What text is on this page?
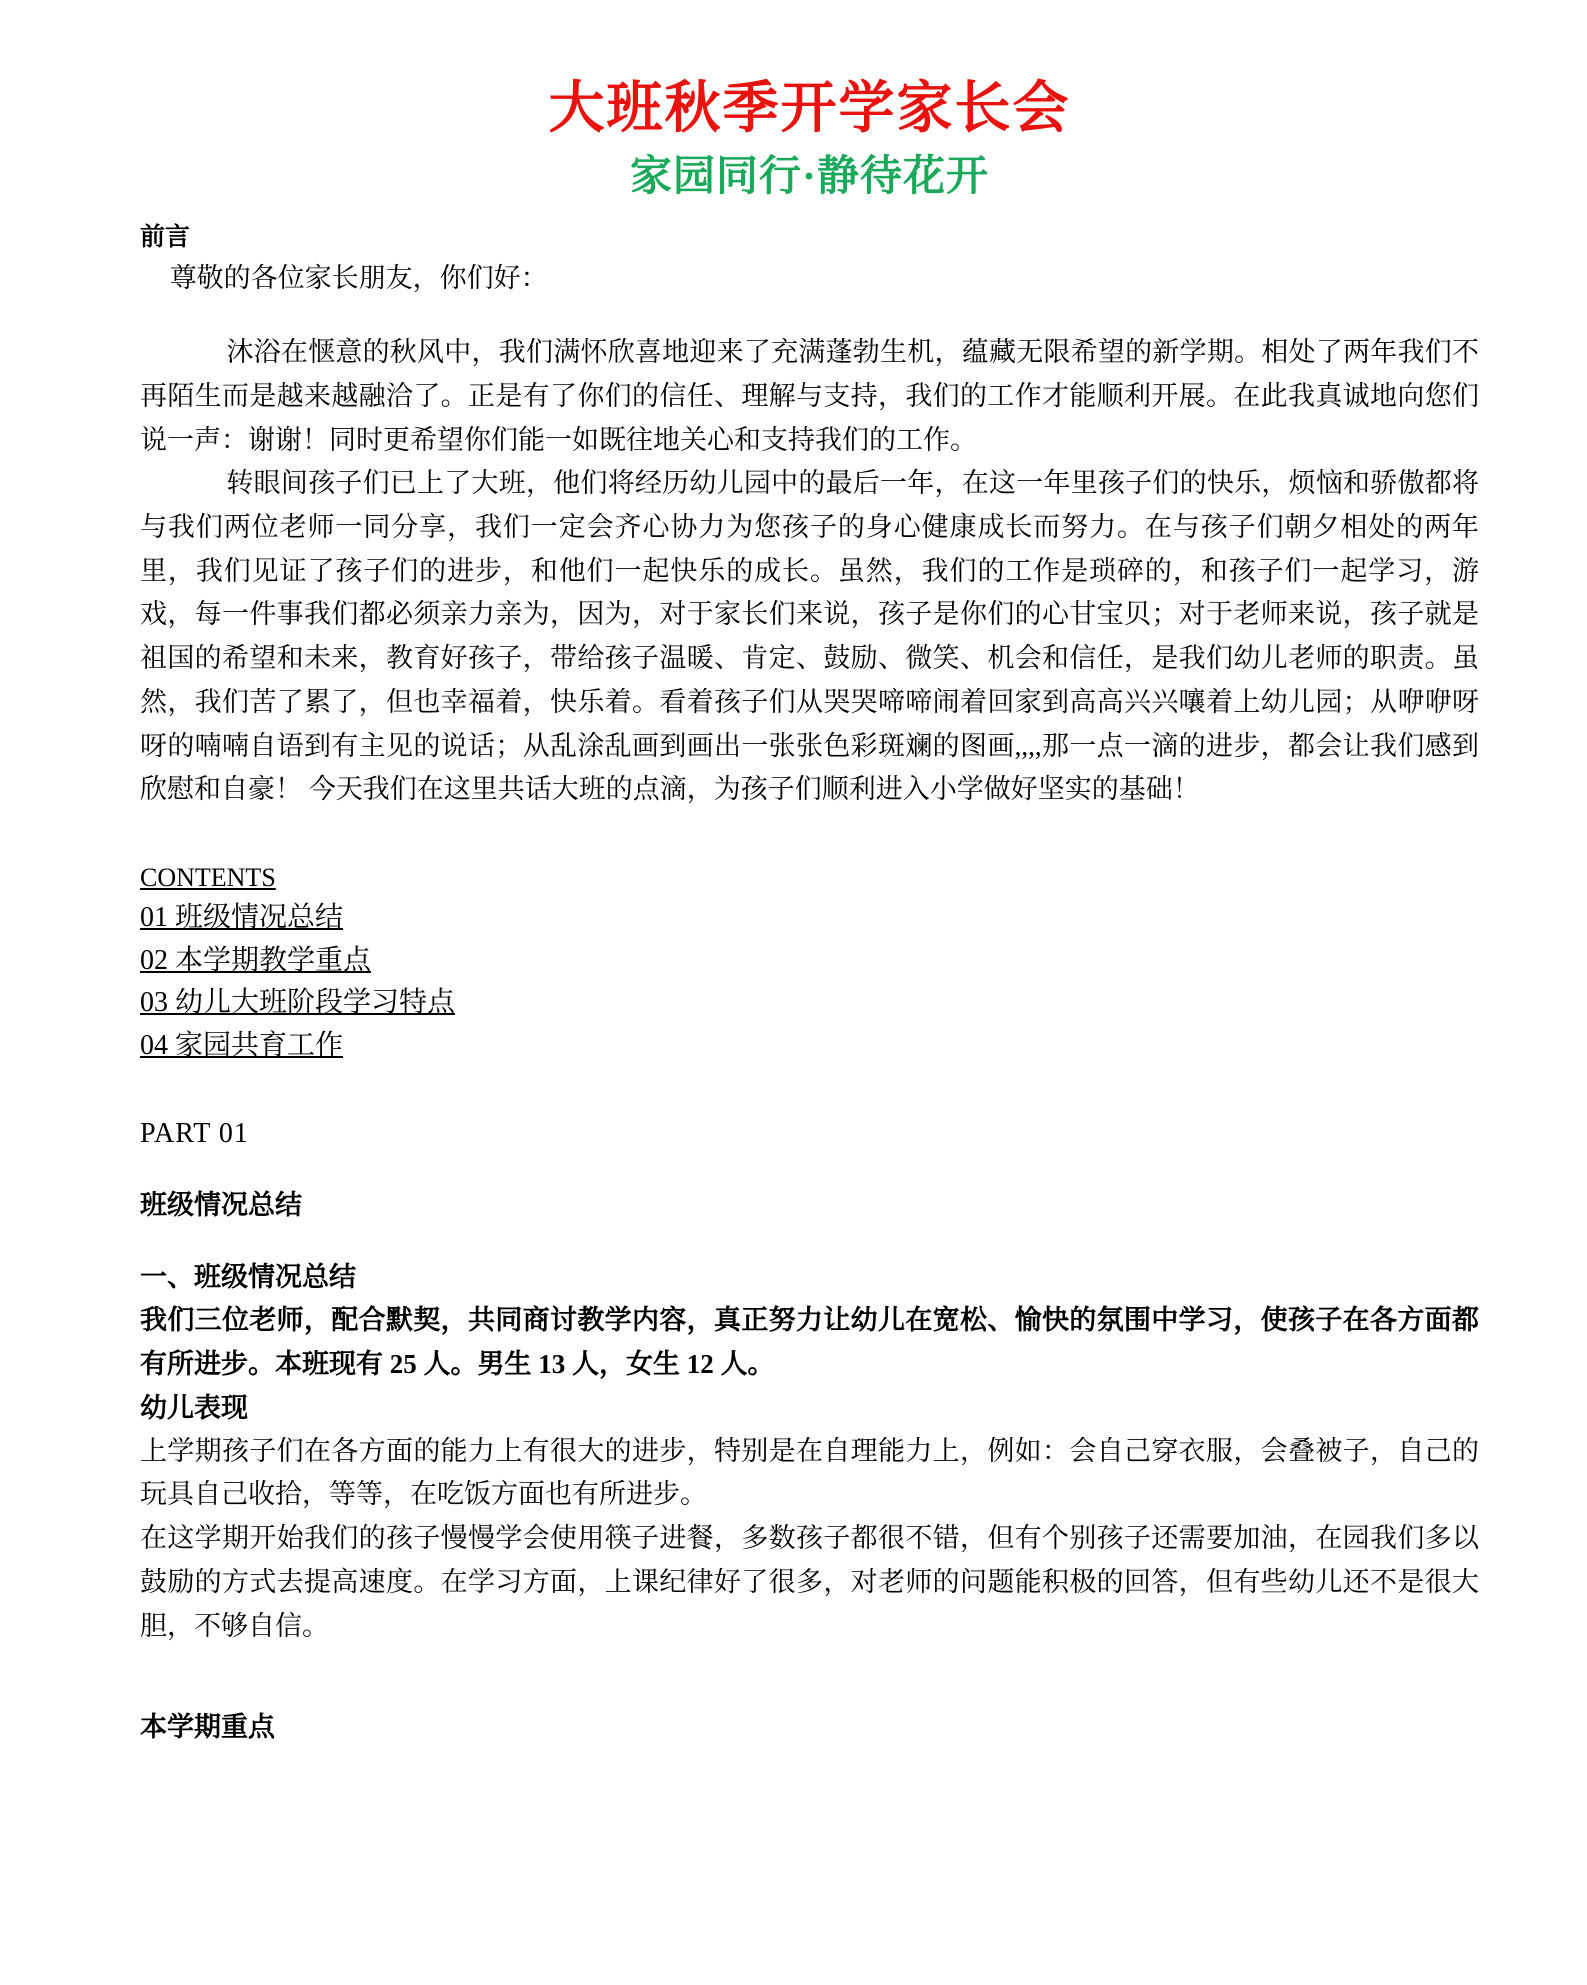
大班秋季开学家长会
家园同行·静待花开

前言

尊敬的各位家长朋友，你们好：

沐浴在惬意的秋风中，我们满怀欣喜地迎来了充满蓬勃生机，蕴藏无限希望的新学期。相处了两年我们不再陌生而是越来越融洽了。正是有了你们的信任、理解与支持，我们的工作才能顺利开展。在此我真诚地向您们说一声：谢谢！同时更希望你们能一如既往地关心和支持我们的工作。

转眼间孩子们已上了大班，他们将经历幼儿园中的最后一年，在这一年里孩子们的快乐，烦恼和骄傲都将与我们两位老师一同分享，我们一定会齐心协力为您孩子的身心健康成长而努力。在与孩子们朝夕相处的两年里，我们见证了孩子们的进步，和他们一起快乐的成长。虽然，我们的工作是琐碎的，和孩子们一起学习，游戏，每一件事我们都必须亲力亲为，因为，对于家长们来说，孩子是你们的心甘宝贝；对于老师来说，孩子就是祖国的希望和未来，教育好孩子，带给孩子温暖、肯定、鼓励、微笑、机会和信任，是我们幼儿老师的职责。虽然，我们苦了累了，但也幸福着，快乐着。看着孩子们从哭哭啼啼闹着回家到高高兴兴嚷着上幼儿园；从咿咿呀呀的喃喃自语到有主见的说话；从乱涂乱画到画出一张张色彩斑斓的图画,,,,那一点一滴的进步，都会让我们感到欣慰和自豪！ 今天我们在这里共话大班的点滴，为孩子们顺利进入小学做好坚实的基础！

CONTENTS

01 班级情况总结
02 本学期教学重点
03 幼儿大班阶段学习特点
04 家园共育工作

PART 01

班级情况总结

一、班级情况总结

我们三位老师，配合默契，共同商讨教学内容，真正努力让幼儿在宽松、愉快的氛围中学习，使孩子在各方面都有所进步。本班现有 25 人。男生 13 人，女生 12 人。

幼儿表现

上学期孩子们在各方面的能力上有很大的进步，特别是在自理能力上，例如：会自己穿衣服，会叠被子，自己的玩具自己收拾，等等，在吃饭方面也有所进步。

在这学期开始我们的孩子慢慢学会使用筷子进餐，多数孩子都很不错，但有个别孩子还需要加油，在园我们多以鼓励的方式去提高速度。在学习方面，上课纪律好了很多，对老师的问题能积极的回答，但有些幼儿还不是很大胆，不够自信。

本学期重点
